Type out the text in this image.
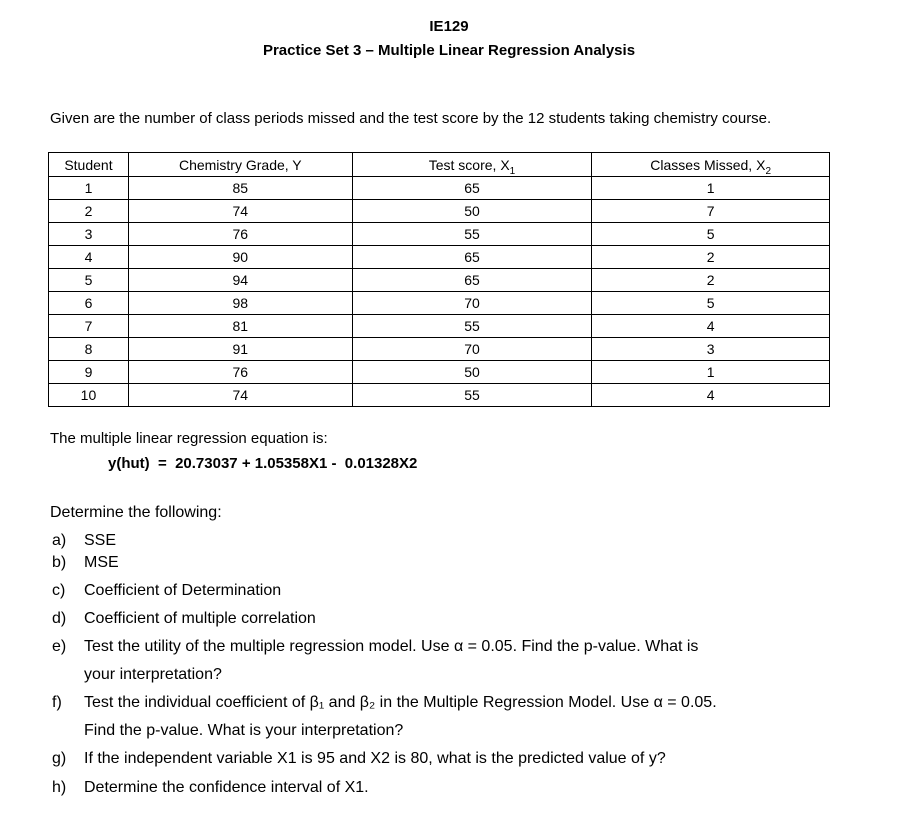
IE129
Practice Set 3 – Multiple Linear Regression Analysis
Given are the number of class periods missed and the test score by the 12 students taking chemistry course.
Student	Chemistry Grade, Y	Test score, $X_1$	Classes Missed, $X_2$
1	85	65	1
2	74	50	7
3	76	55	5
4	90	65	2
5	94	65	2
6	98	70	5
7	81	55	4
8	91	70	3
9	76	50	1
10	74	55	4
The multiple linear regression equation is:
y(hut)  =  20.73037 + 1.05358X1 -  0.01328X2
Determine the following:
a)	SSE
b)	MSE
c)	Coefficient of Determination
d)	Coefficient of multiple correlation
e)	Test the utility of the multiple regression model. Use α = 0.05. Find the p-value. What is
your interpretation?
f)	Test the individual coefficient of β₁ and β₂ in the Multiple Regression Model. Use α = 0.05.
Find the p-value. What is your interpretation?
g)	If the independent variable X1 is 95 and X2 is 80, what is the predicted value of y?
h)	Determine the confidence interval of X1.
